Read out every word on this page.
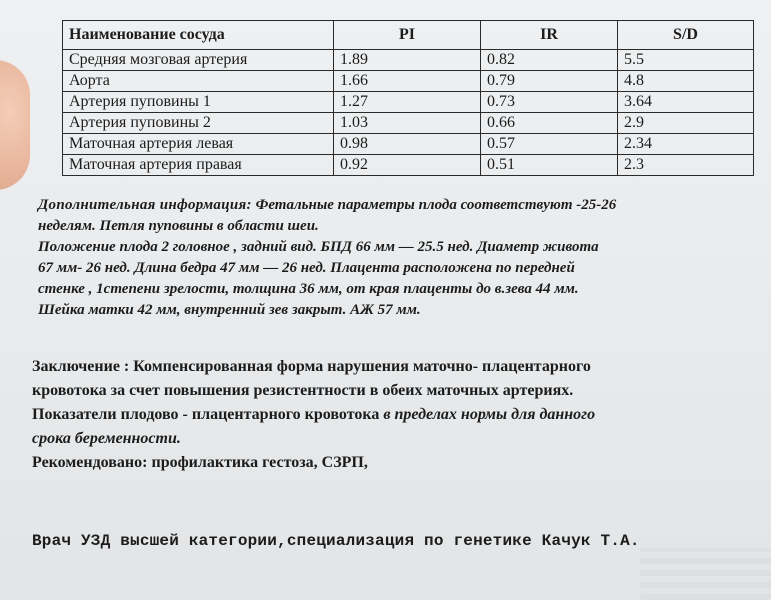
Наименование сосуда	PI	IR	S/D
Средняя мозговая артерия	1.89	0.82	5.5
Аорта	1.66	0.79	4.8
Артерия пуповины 1	1.27	0.73	3.64
Артерия пуповины 2	1.03	0.66	2.9
Маточная артерия левая	0.98	0.57	2.34
Маточная артерия правая	0.92	0.51	2.3

Дополнительная информация: Фетальные параметры плода соответствуют -25-26

неделям. Петля пуповины в области шеи.

Положение плода 2 головное , задний вид. БПД 66 мм — 25.5 нед. Диаметр живота

67 мм- 26 нед. Длина бедра 47 мм — 26 нед. Плацента расположена по передней

стенке , 1степени зрелости, толщина 36 мм, от края плаценты до в.зева 44 мм.

Шейка матки 42 мм, внутренний зев закрыт. АЖ 57 мм.

Заключение : Компенсированная форма нарушения маточно- плацентарного

кровотока за счет повышения резистентности в обеих маточных артериях.

Показатели плодово - плацентарного кровотока в пределах нормы для данного

срока беременности.

Рекомендовано: профилактика гестоза, СЗРП,

Врач УЗД высшей категории,специализация по генетике Качук Т.А.
